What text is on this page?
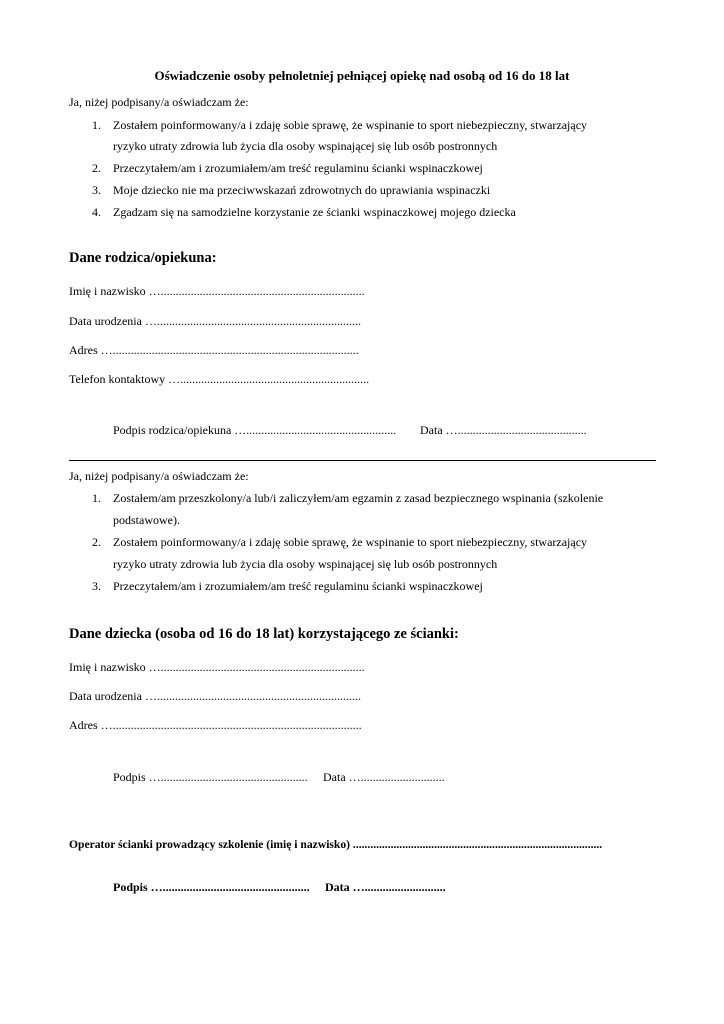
Oświadczenie osoby pełnoletniej pełniącej opiekę nad osobą od 16 do 18 lat
Ja, niżej podpisany/a oświadczam że:
1. Zostałem poinformowany/a i zdaję sobie sprawę, że wspinanie to sport niebezpieczny, stwarzający
ryzyko utraty zdrowia lub życia dla osoby wspinającej się lub osób postronnych
2. Przeczytałem/am i zrozumiałem/am treść regulaminu ścianki wspinaczkowej
3. Moje dziecko nie ma przeciwwskazań zdrowotnych do uprawiania wspinaczki
4. Zgadzam się na samodzielne korzystanie ze ścianki wspinaczkowej mojego dziecka
Dane rodzica/opiekuna:
Imię i nazwisko …....................................................................
Data urodzenia …....................................................................
Adres …..................................................................................
Telefon kontaktowy …...............................................................
Podpis rodzica/opiekuna ….................................................. Data …...........................................
Ja, niżej podpisany/a oświadczam że:
1. Zostałem/am przeszkolony/a lub/i zaliczyłem/am egzamin z zasad bezpiecznego wspinania (szkolenie
podstawowe).
2. Zostałem poinformowany/a i zdaję sobie sprawę, że wspinanie to sport niebezpieczny, stwarzający
ryzyko utraty zdrowia lub życia dla osoby wspinającej się lub osób postronnych
3. Przeczytałem/am i zrozumiałem/am treść regulaminu ścianki wspinaczkowej
Dane dziecka (osoba od 16 do 18 lat) korzystającego ze ścianki:
Imię i nazwisko …....................................................................
Data urodzenia …....................................................................
Adres …...................................................................................
Podpis …................................................. Data …............................
Operator ścianki prowadzący szkolenie (imię i nazwisko) ......................................................................................
Podpis …................................................. Data …...........................
